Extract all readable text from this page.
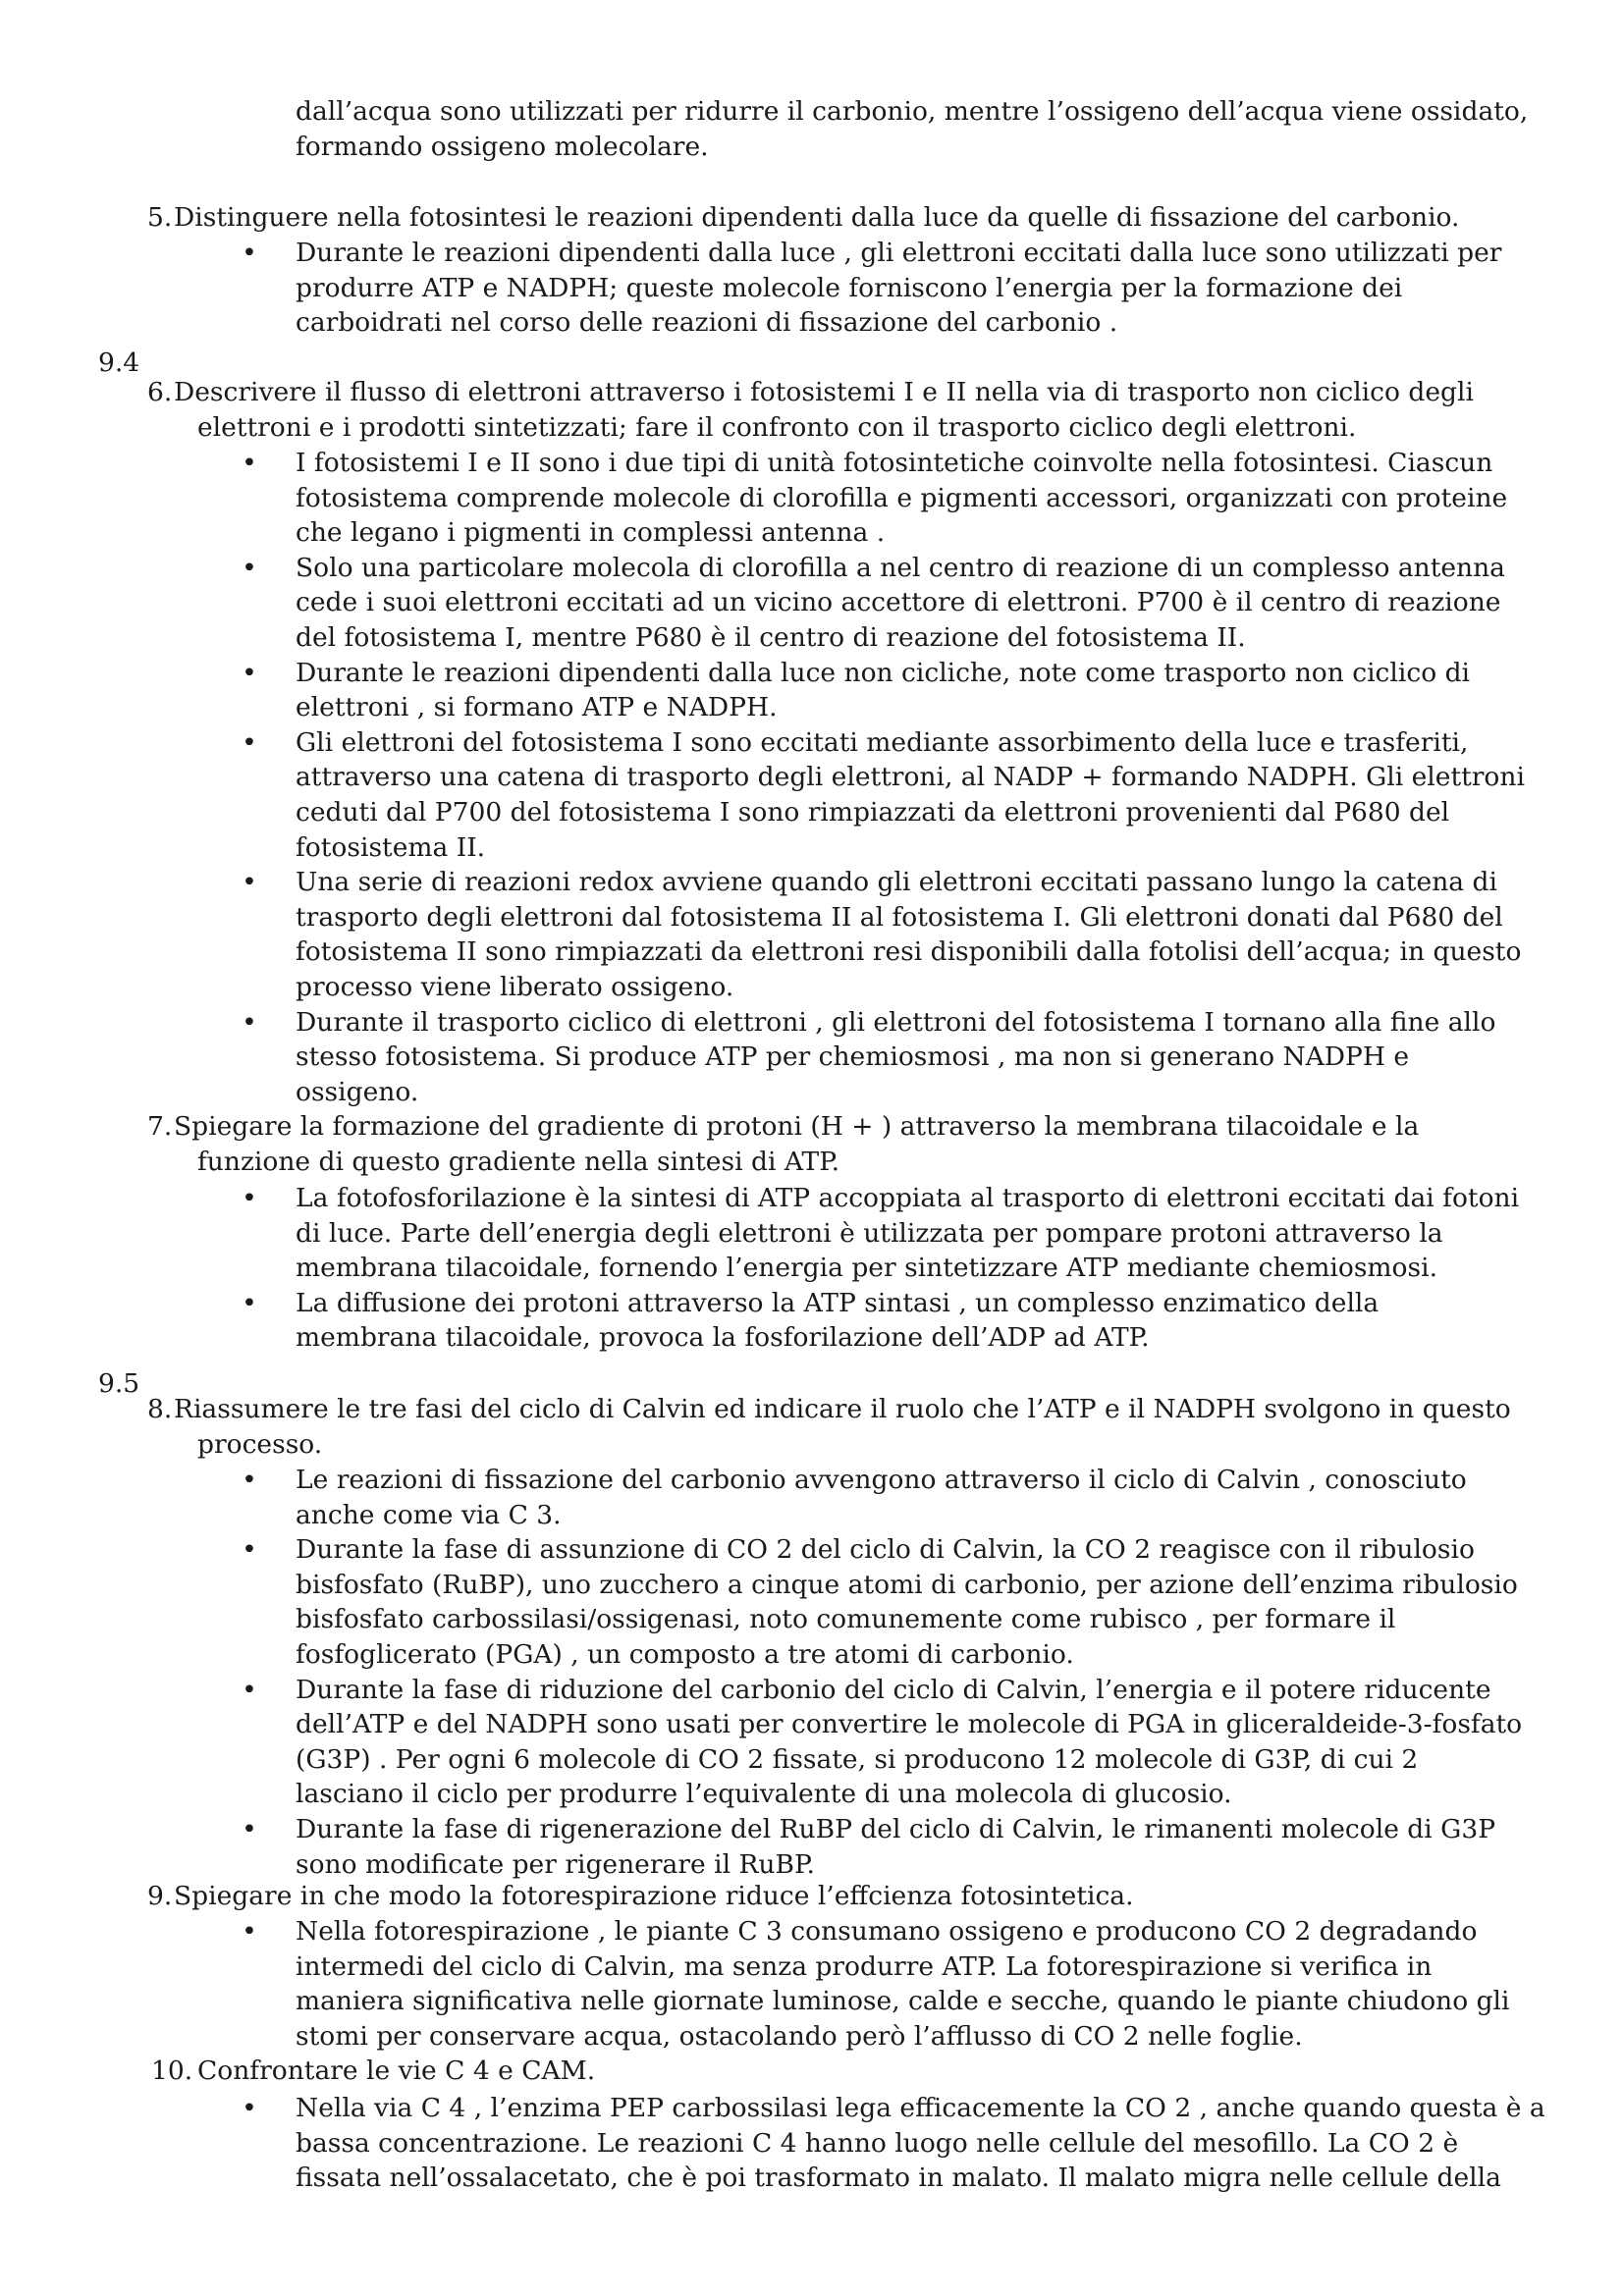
dall’acqua sono utilizzati per ridurre il carbonio, mentre l’ossigeno dell’acqua viene ossidato,
formando ossigeno molecolare.
5. Distinguere nella fotosintesi le reazioni dipendenti dalla luce da quelle di fissazione del carbonio.
• Durante le reazioni dipendenti dalla luce , gli elettroni eccitati dalla luce sono utilizzati per
produrre ATP e NADPH; queste molecole forniscono l’energia per la formazione dei
carboidrati nel corso delle reazioni di fissazione del carbonio .
9.4
6. Descrivere il flusso di elettroni attraverso i fotosistemi I e II nella via di trasporto non ciclico degli
elettroni e i prodotti sintetizzati; fare il confronto con il trasporto ciclico degli elettroni.
• I fotosistemi I e II sono i due tipi di unità fotosintetiche coinvolte nella fotosintesi. Ciascun
fotosistema comprende molecole di clorofilla e pigmenti accessori, organizzati con proteine
che legano i pigmenti in complessi antenna .
• Solo una particolare molecola di clorofilla a nel centro di reazione di un complesso antenna
cede i suoi elettroni eccitati ad un vicino accettore di elettroni. P700 è il centro di reazione
del fotosistema I, mentre P680 è il centro di reazione del fotosistema II.
• Durante le reazioni dipendenti dalla luce non cicliche, note come trasporto non ciclico di
elettroni , si formano ATP e NADPH.
• Gli elettroni del fotosistema I sono eccitati mediante assorbimento della luce e trasferiti,
attraverso una catena di trasporto degli elettroni, al NADP + formando NADPH. Gli elettroni
ceduti dal P700 del fotosistema I sono rimpiazzati da elettroni provenienti dal P680 del
fotosistema II.
• Una serie di reazioni redox avviene quando gli elettroni eccitati passano lungo la catena di
trasporto degli elettroni dal fotosistema II al fotosistema I. Gli elettroni donati dal P680 del
fotosistema II sono rimpiazzati da elettroni resi disponibili dalla fotolisi dell’acqua; in questo
processo viene liberato ossigeno.
• Durante il trasporto ciclico di elettroni , gli elettroni del fotosistema I tornano alla fine allo
stesso fotosistema. Si produce ATP per chemiosmosi , ma non si generano NADPH e
ossigeno.
7. Spiegare la formazione del gradiente di protoni (H + ) attraverso la membrana tilacoidale e la
funzione di questo gradiente nella sintesi di ATP.
• La fotofosforilazione è la sintesi di ATP accoppiata al trasporto di elettroni eccitati dai fotoni
di luce. Parte dell’energia degli elettroni è utilizzata per pompare protoni attraverso la
membrana tilacoidale, fornendo l’energia per sintetizzare ATP mediante chemiosmosi.
• La diffusione dei protoni attraverso la ATP sintasi , un complesso enzimatico della
membrana tilacoidale, provoca la fosforilazione dell’ADP ad ATP.
9.5
8. Riassumere le tre fasi del ciclo di Calvin ed indicare il ruolo che l’ATP e il NADPH svolgono in questo
processo.
• Le reazioni di fissazione del carbonio avvengono attraverso il ciclo di Calvin , conosciuto
anche come via C 3.
• Durante la fase di assunzione di CO 2 del ciclo di Calvin, la CO 2 reagisce con il ribulosio
bisfosfato (RuBP), uno zucchero a cinque atomi di carbonio, per azione dell’enzima ribulosio
bisfosfato carbossilasi/ossigenasi, noto comunemente come rubisco , per formare il
fosfoglicerato (PGA) , un composto a tre atomi di carbonio.
• Durante la fase di riduzione del carbonio del ciclo di Calvin, l’energia e il potere riducente
dell’ATP e del NADPH sono usati per convertire le molecole di PGA in gliceraldeide-3-fosfato
(G3P) . Per ogni 6 molecole di CO 2 fissate, si producono 12 molecole di G3P, di cui 2
lasciano il ciclo per produrre l’equivalente di una molecola di glucosio.
• Durante la fase di rigenerazione del RuBP del ciclo di Calvin, le rimanenti molecole di G3P
sono modificate per rigenerare il RuBP.
9. Spiegare in che modo la fotorespirazione riduce l’effcienza fotosintetica.
• Nella fotorespirazione , le piante C 3 consumano ossigeno e producono CO 2 degradando
intermedi del ciclo di Calvin, ma senza produrre ATP. La fotorespirazione si verifica in
maniera significativa nelle giornate luminose, calde e secche, quando le piante chiudono gli
stomi per conservare acqua, ostacolando però l’afflusso di CO 2 nelle foglie.
10. Confrontare le vie C 4 e CAM.
• Nella via C 4 , l’enzima PEP carbossilasi lega efficacemente la CO 2 , anche quando questa è a
bassa concentrazione. Le reazioni C 4 hanno luogo nelle cellule del mesofillo. La CO 2 è
fissata nell’ossalacetato, che è poi trasformato in malato. Il malato migra nelle cellule della
